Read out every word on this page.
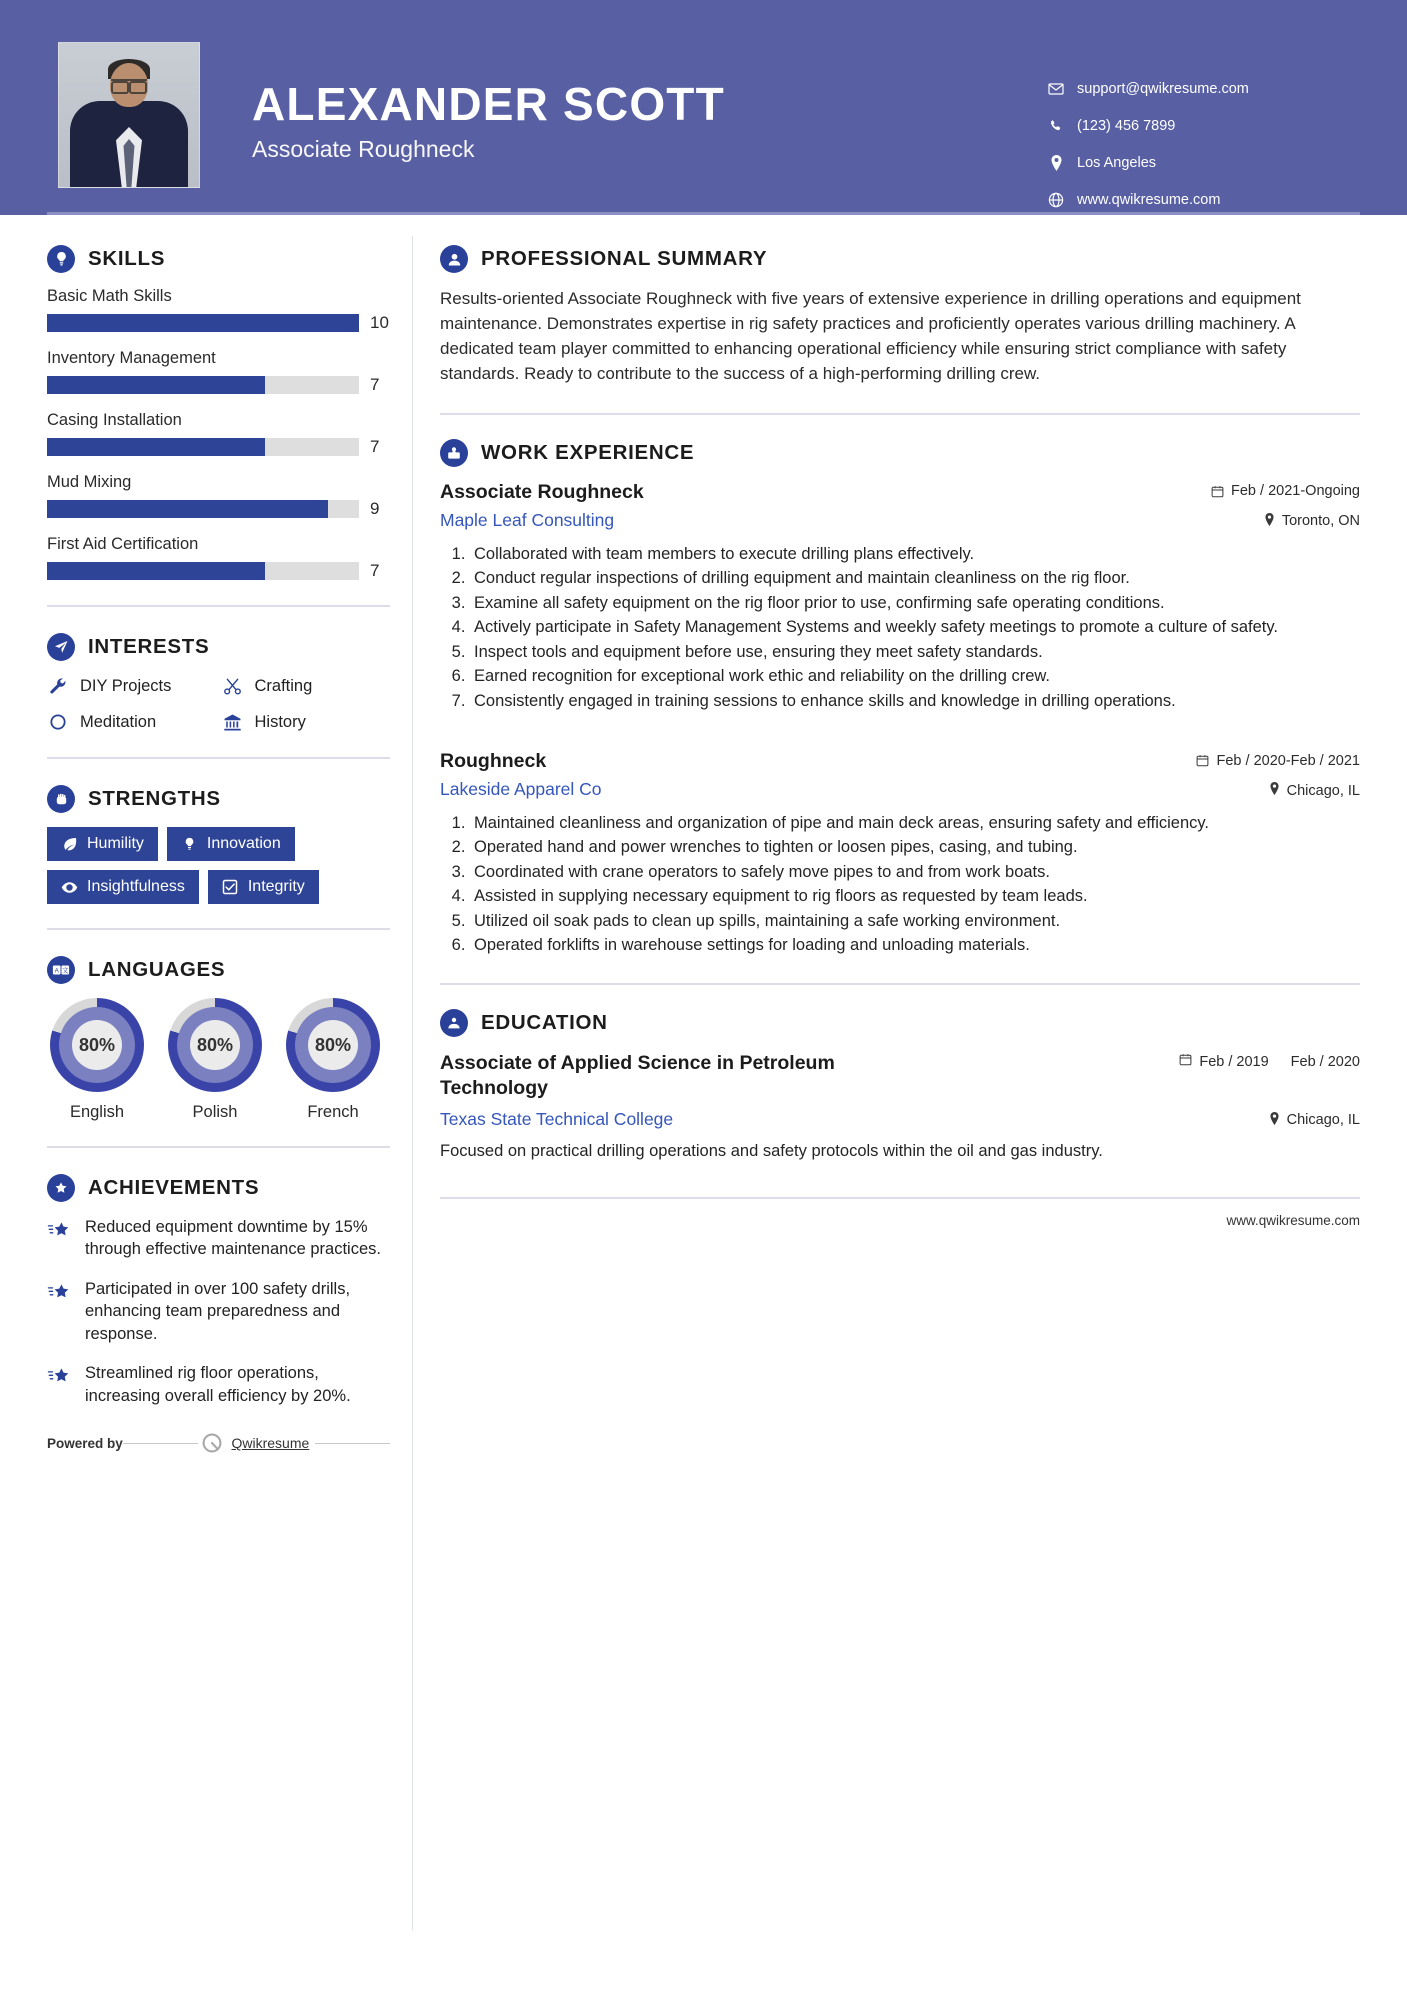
ALEXANDER SCOTT
Associate Roughneck
support@qwikresume.com
(123) 456 7899
Los Angeles
www.qwikresume.com
SKILLS
Basic Math Skills
10
Inventory Management
7
Casing Installation
7
Mud Mixing
9
First Aid Certification
7
INTERESTS
DIY Projects	Crafting
Meditation	History
STRENGTHS
Humility	Innovation
Insightfulness	Integrity
A 文 LANGUAGES
80%
English
80%
Polish
80%
French
ACHIEVEMENTS
Reduced equipment downtime by 15% through effective maintenance practices.
Participated in over 100 safety drills, enhancing team preparedness and response.
Streamlined rig floor operations, increasing overall efficiency by 20%.
Powered by	Qwikresume
PROFESSIONAL SUMMARY
Results-oriented Associate Roughneck with five years of extensive experience in drilling operations and equipment maintenance. Demonstrates expertise in rig safety practices and proficiently operates various drilling machinery. A dedicated team player committed to enhancing operational efficiency while ensuring strict compliance with safety standards. Ready to contribute to the success of a high-performing drilling crew.
WORK EXPERIENCE
Associate Roughneck	Feb / 2021-Ongoing
Maple Leaf Consulting	Toronto, ON
1. Collaborated with team members to execute drilling plans effectively.
2. Conduct regular inspections of drilling equipment and maintain cleanliness on the rig floor.
3. Examine all safety equipment on the rig floor prior to use, confirming safe operating conditions.
4. Actively participate in Safety Management Systems and weekly safety meetings to promote a culture of safety.
5. Inspect tools and equipment before use, ensuring they meet safety standards.
6. Earned recognition for exceptional work ethic and reliability on the drilling crew.
7. Consistently engaged in training sessions to enhance skills and knowledge in drilling operations.
Roughneck	Feb / 2020-Feb / 2021
Lakeside Apparel Co	Chicago, IL
1. Maintained cleanliness and organization of pipe and main deck areas, ensuring safety and efficiency.
2. Operated hand and power wrenches to tighten or loosen pipes, casing, and tubing.
3. Coordinated with crane operators to safely move pipes to and from work boats.
4. Assisted in supplying necessary equipment to rig floors as requested by team leads.
5. Utilized oil soak pads to clean up spills, maintaining a safe working environment.
6. Operated forklifts in warehouse settings for loading and unloading materials.
EDUCATION
Associate of Applied Science in Petroleum Technology
Feb / 2019 Feb / 2020
Texas State Technical College	Chicago, IL
Focused on practical drilling operations and safety protocols within the oil and gas industry.
www.qwikresume.com
